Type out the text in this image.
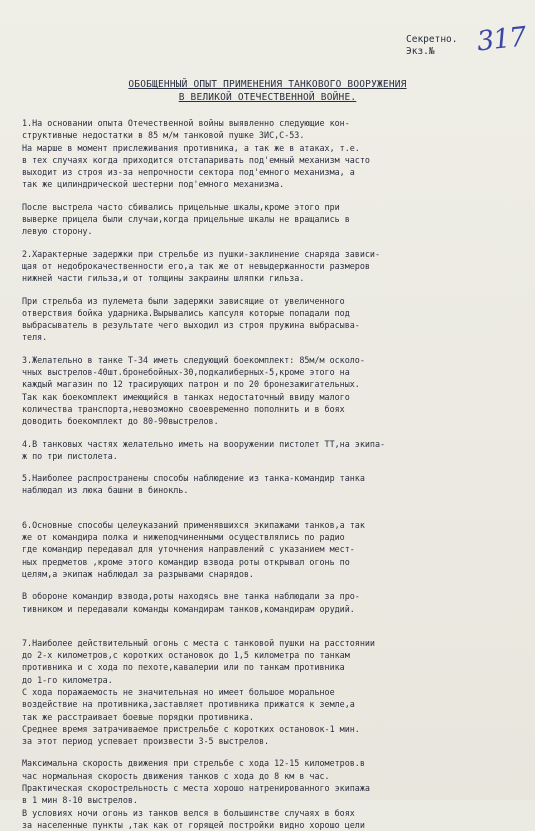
Секретно.
Экз.№	317
ОБОБЩЕННЫЙ ОПЫТ ПРИМЕНЕНИЯ ТАНКОВОГО ВООРУЖЕНИЯ
В ВЕЛИКОЙ ОТЕЧЕСТВЕННОЙ ВОЙНЕ.
1.На основании опыта Отечественной войны выявленно следующие кон-
структивные недостатки в 85 м/м танковой пушке ЗИС,С-53.
На марше в момент прислеживания противника, а так же в атаках, т.е.
в тех случаях когда приходится отстапаривать под'емный механизм часто
выходит из строя из-за непрочности сектора под'емного механизма, а
так же цилиндрической шестерни под'емного механизма.
После выстрела часто сбивались прицельные шкалы,кроме этого при
выверке прицела были случаи,когда прицельные шкалы не вращались в
левую сторону.
2.Характерные задержки при стрельбе из пушки-заклинение снаряда зависи-
щая от недоброкачественности его,а так же от невыдержанности размеров
нижней части гильза,и от толщины закраины шляпки гильза.
При стрельба из пулемета были задержки зависящие от увеличенного
отверствия бойка ударника.Вырывались капсуля которые попадали под
выбрасыватель в результате чего выходил из строя пружина выбрасыва-
теля.
3.Желательно в танке Т-34 иметь следующий боекомплект: 85м/м осколо-
чных выстрелов-40шт.бронебойных-30,подкалиберных-5,кроме этого на
каждый магазин по 12 трасирующих патрон и по 20 бронезажигательных.
Так как боекомплект имеющийся в танках недостаточный ввиду малого
количества транспорта,невозможно своевременно пополнить и в боях
доводить боекомплект до 80-90выстрелов.
4.В танковых частях желательно иметь на вооружении пистолет ТТ,на экипа-
ж по три пистолета.
5.Наиболее распространены способы наблюдение из танка-командир танка
наблюдал из люка башни в бинокль.
6.Основные способы целеуказаний применявшихся экипажами танков,а так
же от командира полка и нижеподчиненными осуществлялись по радио
где командир передавал для уточнения направлений с указанием мест-
ных предметов ,кроме этого командир взвода роты открывал огонь по
целям,а экипаж наблюдал за разрывами снарядов.
В обороне командир взвода,роты находясь вне танка наблюдали за про-
тивником и передавали команды командирам танков,командирам орудий.
7.Наиболее действительный огонь с места с танковой пушки на расстоянии
до 2-х километров,с коротких остановок до 1,5 километра по танкам
противника и с хода по пехоте,кавалерии или по танкам противника
до 1-го километра.
С хода поражаемость не значительная но имеет большое моральное
воздействие на противника,заставляет противника прижатся к земле,а
так же расстраивает боевые порядки противника.
Среднее время затрачиваемое пристрельбе с коротких остановок-1 мин.
за этот период успевает произвести 3-5 выстрелов.
Максимальна скорость движения при стрельбе с хода 12-15 километров.в
час нормальная скорость движения танков с хода до 8 км в час.
Практическая скорострельность с места хорошо натренированного экипажа
в 1 мин 8-10 выстрелов.
В условиях ночи огонь из танков велся в большинстве случаях в боях
за населенные пункты ,так как от горящей постройки видно хорошо цели
